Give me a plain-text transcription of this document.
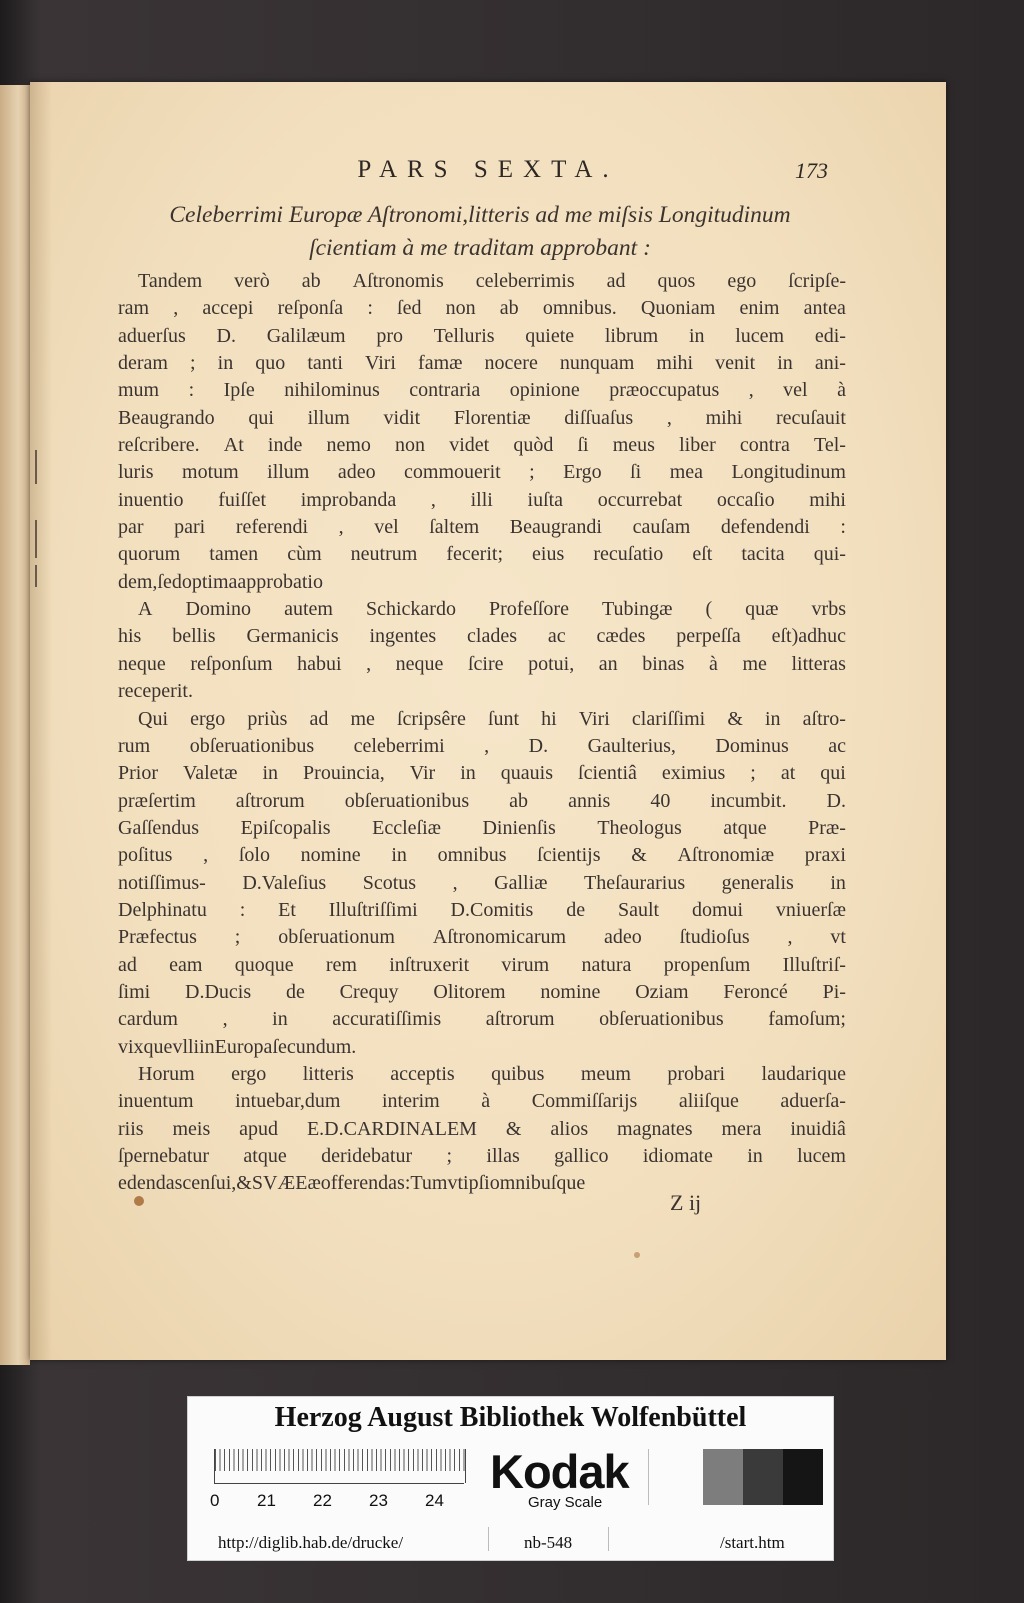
PARS SEXTA.	173
Celeberrimi Europæ Aſtronomi,litteris ad me miſsis Longitudinum
ſcientiam à me traditam approbant :
Tandem verò ab Aſtronomis celeberrimis ad quos ego ſcripſe-
ram , accepi reſponſa : ſed non ab omnibus. Quoniam enim antea
aduerſus D. Galilæum pro Telluris quiete librum in lucem edi-
deram ; in quo tanti Viri famæ nocere nunquam mihi venit in ani-
mum : Ipſe nihilominus contraria opinione præoccupatus , vel à
Beaugrando qui illum vidit Florentiæ diſſuaſus , mihi recuſauit
reſcribere. At inde nemo non videt quòd ſi meus liber contra Tel-
luris motum illum adeo commouerit ; Ergo ſi mea Longitudinum
inuentio fuiſſet improbanda , illi iuſta occurrebat occaſio mihi
par pari referendi , vel ſaltem Beaugrandi cauſam defendendi :
quorum tamen cùm neutrum fecerit; eius recuſatio eſt tacita qui-
dem,ſed optima approbatio
A Domino autem Schickardo Profeſſore Tubingæ ( quæ vrbs
his bellis Germanicis ingentes clades ac cædes perpeſſa eſt)adhuc
neque reſponſum habui , neque ſcire potui, an binas à me litteras
receperit.
Qui ergo priùs ad me ſcripsêre ſunt hi Viri clariſſimi & in aſtro-
rum obſeruationibus celeberrimi , D. Gaulterius, Dominus ac
Prior Valetæ in Prouincia, Vir in quauis ſcientiâ eximius ; at qui
præſertim aſtrorum obſeruationibus ab annis 40 incumbit. D.
Gaſſendus Epiſcopalis Eccleſiæ Dinienſis Theologus atque Præ-
poſitus , ſolo nomine in omnibus ſcientijs & Aſtronomiæ praxi
notiſſimus- D.Valeſius Scotus , Galliæ Theſaurarius generalis in
Delphinatu : Et Illuſtriſſimi D.Comitis de Sault domui vniuerſæ
Præfectus ; obſeruationum Aſtronomicarum adeo ſtudioſus , vt
ad eam quoque rem inſtruxerit virum natura propenſum Illuſtriſ-
ſimi D.Ducis de Crequy Olitorem nomine Oziam Feroncé Pi-
cardum , in accuratiſſimis aſtrorum obſeruationibus famoſum;
vixque vlli in Europa ſecundum.
Horum ergo litteris acceptis quibus meum probari laudarique
inuentum intuebar,dum interim à Commiſſarijs aliiſque aduerſa-
riis meis apud E.D.CARDINALEM & alios magnates mera inuidiâ
ſpernebatur atque deridebatur ; illas gallico idiomate in lucem
edendas cenſui , & S V Æ Eæ offerendas : Tum vt ipſi omnibuſque
Z ij
Herzog August Bibliothek Wolfenbüttel
0 21 22 23 24
Kodak
Gray Scale
http://diglib.hab.de/drucke/	nb-548	/start.htm
